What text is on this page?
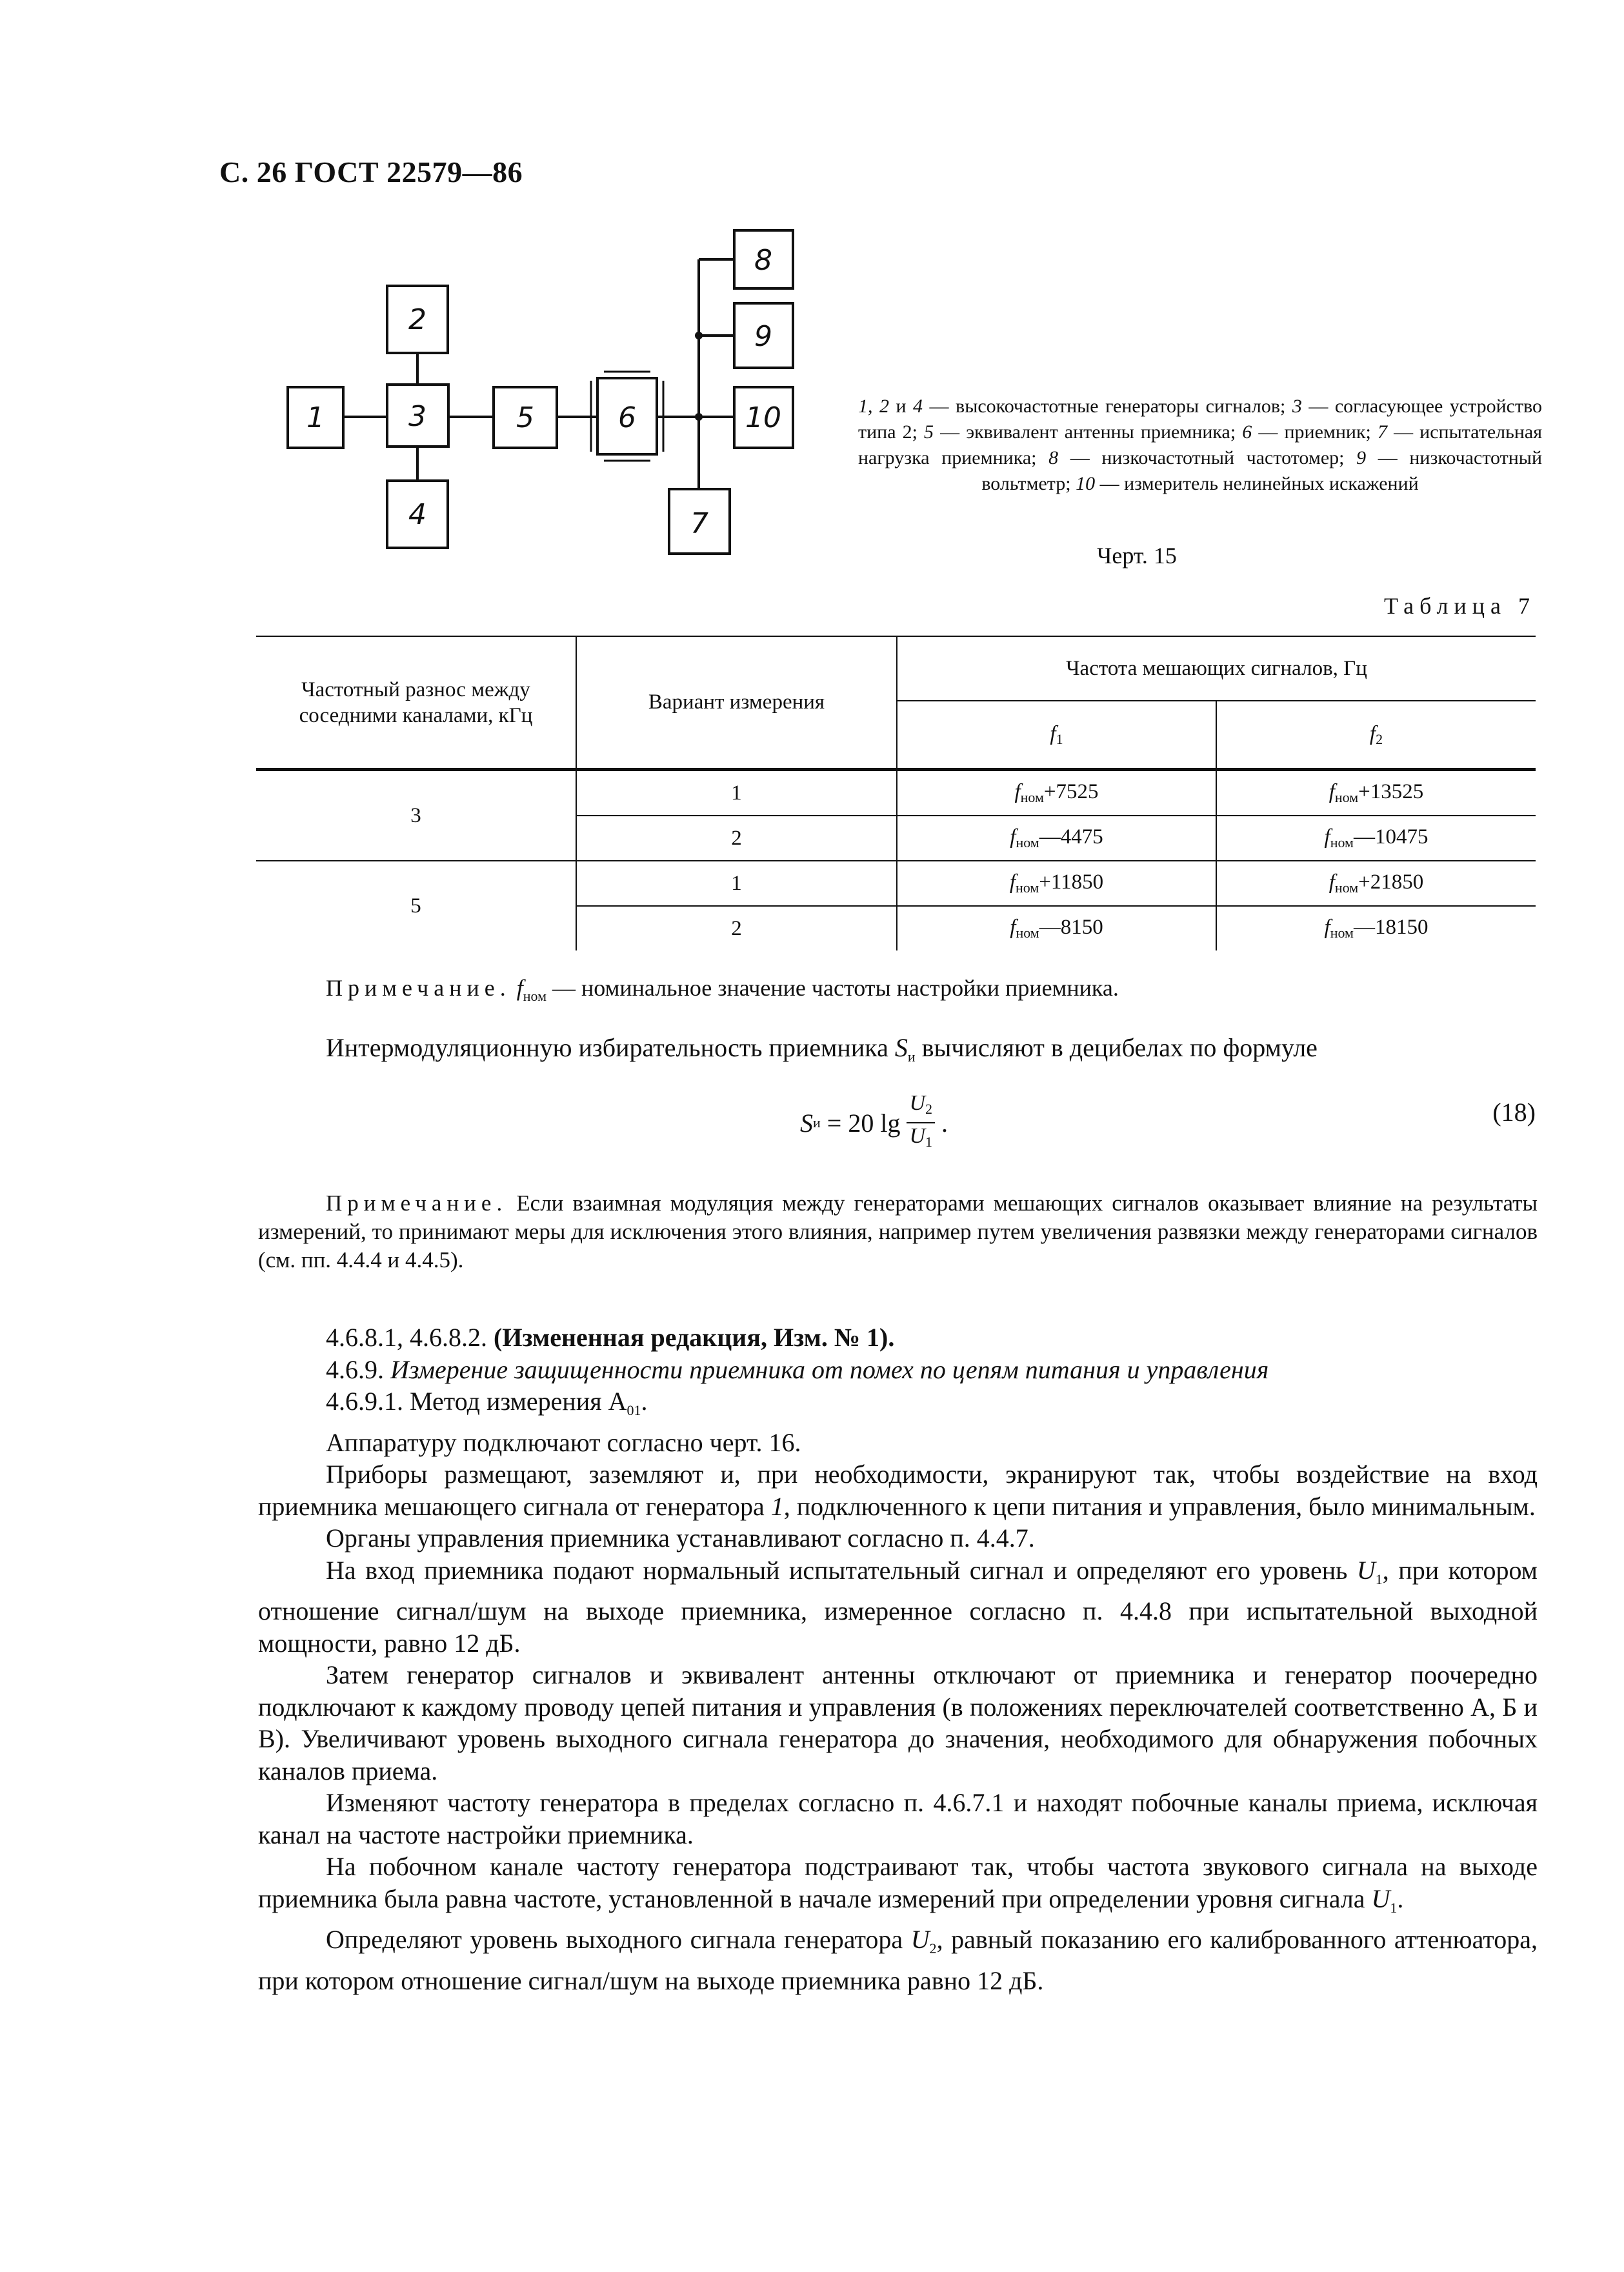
С. 26 ГОСТ 22579—86
1
2
3
4
5	6
7
8
9
10	1, 2 и 4 — высокочастотные генераторы сигналов; 3 — согласующее устройство типа 2; 5 — эквивалент антенны приемника; 6 — приемник; 7 — испытательная нагрузка приемника; 8 — низкочастотный частотомер; 9 — низкочастотный вольтметр; 10 — измеритель нелинейных искажений
Черт. 15
Таблица 7
Частотный разнос между соседними каналами, кГц	Вариант измерения	Частота мешающих сигналов, Гц	
		$f_1$	$f_2$
3	1	$f_{ном}+7525$	$f_{ном}+13525$
	2	$f_{ном}—4475$	$f_{ном}—10475$
5	1	$f_{ном}+11850$	$f_{ном}+21850$
	2	$f_{ном}—8150$	$f_{ном}—18150$
Примечание. $f_{ном}$ — номинальное значение частоты настройки приемника.
Интермодуляционную избирательность приемника $S_и$ вычисляют в децибелах по формуле
S и = 20 lg
$U_2$
$U_1$
.	(18)
Примечание. Если взаимная модуляция между генераторами мешающих сигналов оказывает влияние на результаты измерений, то принимают меры для исключения этого влияния, например путем увеличения развязки между генераторами сигналов (см. пп. 4.4.4 и 4.4.5).

4.6.8.1, 4.6.8.2. (Измененная редакция, Изм. № 1).

4.6.9. Измерение защищенности приемника от помех по цепям питания и управления

4.6.9.1. Метод измерения $А_{01}$.

Аппаратуру подключают согласно черт. 16.

Приборы размещают, заземляют и, при необходимости, экранируют так, чтобы воздействие на вход приемника мешающего сигнала от генератора 1, подключенного к цепи питания и управления, было минимальным.

Органы управления приемника устанавливают согласно п. 4.4.7.

На вход приемника подают нормальный испытательный сигнал и определяют его уровень $U_1$, при котором отношение сигнал/шум на выходе приемника, измеренное согласно п. 4.4.8 при испытательной выходной мощности, равно 12 дБ.

Затем генератор сигналов и эквивалент антенны отключают от приемника и генератор поочередно подключают к каждому проводу цепей питания и управления (в положениях переключателей соответственно А, Б и В). Увеличивают уровень выходного сигнала генератора до значения, необходимого для обнаружения побочных каналов приема.

Изменяют частоту генератора в пределах согласно п. 4.6.7.1 и находят побочные каналы приема, исключая канал на частоте настройки приемника.

На побочном канале частоту генератора подстраивают так, чтобы частота звукового сигнала на выходе приемника была равна частоте, установленной в начале измерений при определении уровня сигнала $U_1$.

Определяют уровень выходного сигнала генератора $U_2$, равный показанию его калиброванного аттенюатора, при котором отношение сигнал/шум на выходе приемника равно 12 дБ.
